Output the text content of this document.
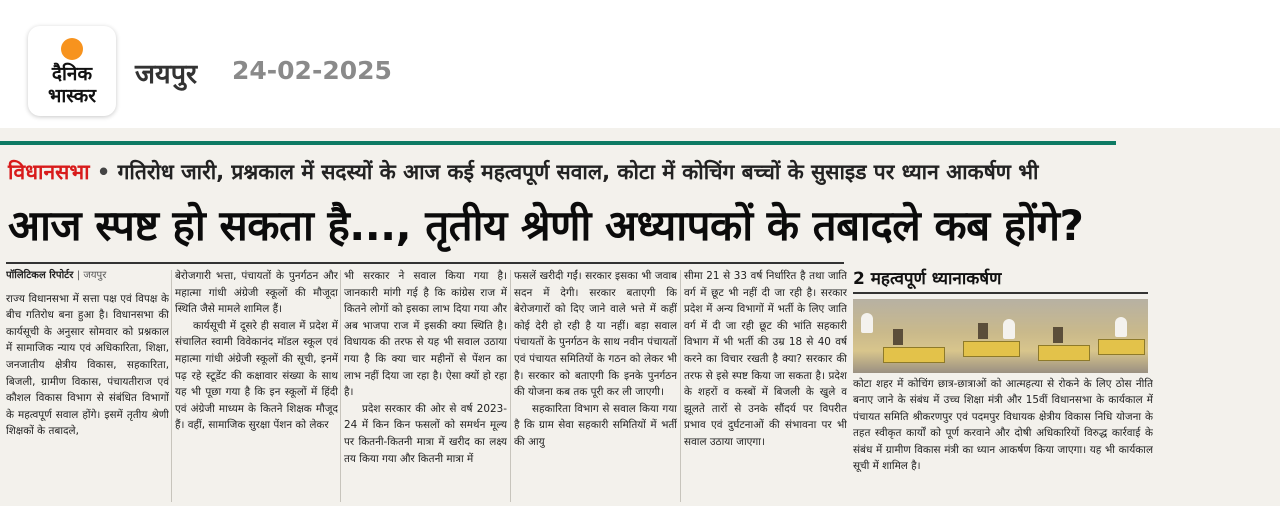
दैनिक
भास्कर
जयपुर 24-02-2025
विधानसभा • गतिरोध जारी, प्रश्नकाल में सदस्यों के आज कई महत्वपूर्ण सवाल, कोटा में कोचिंग बच्चों के सुसाइड पर ध्यान आकर्षण भी
आज स्पष्ट हो सकता है..., तृतीय श्रेणी अध्यापकों के तबादले कब होंगे?

पॉलिटिकल रिपोर्टर | जयपुर

राज्य विधानसभा में सत्ता पक्ष एवं विपक्ष के बीच गतिरोध बना हुआ है। विधानसभा की कार्यसूची के अनुसार सोमवार को प्रश्नकाल में सामाजिक न्याय एवं अधिकारिता, शिक्षा, जनजातीय क्षेत्रीय विकास, सहकारिता, बिजली, ग्रामीण विकास, पंचायतीराज एवं कौशल विकास विभाग से संबंधित विभागों के महत्वपूर्ण सवाल होंगे। इसमें तृतीय श्रेणी शिक्षकों के तबादले,

बेरोजगारी भत्ता, पंचायतों के पुनर्गठन और महात्मा गांधी अंग्रेजी स्कूलों की मौजूदा स्थिति जैसे मामले शामिल हैं।

कार्यसूची में दूसरे ही सवाल में प्रदेश में संचालित स्वामी विवेकानंद मॉडल स्कूल एवं महात्मा गांधी अंग्रेजी स्कूलों की सूची, इनमें पढ़ रहे स्टूडेंट की कक्षावार संख्या के साथ यह भी पूछा गया है कि इन स्कूलों में हिंदी एवं अंग्रेजी माध्यम के कितने शिक्षक मौजूद हैं। वहीं, सामाजिक सुरक्षा पेंशन को लेकर

भी सरकार ने सवाल किया गया है। जानकारी मांगी गई है कि कांग्रेस राज में कितने लोगों को इसका लाभ दिया गया और अब भाजपा राज में इसकी क्या स्थिति है। विधायक की तरफ से यह भी सवाल उठाया गया है कि क्या चार महीनों से पेंशन का लाभ नहीं दिया जा रहा है। ऐसा क्यों हो रहा है।

प्रदेश सरकार की ओर से वर्ष 2023-24 में किन किन फसलों को समर्थन मूल्य पर कितनी-कितनी मात्रा में खरीद का लक्ष्य तय किया गया और कितनी मात्रा में

फसलें खरीदी गईं। सरकार इसका भी जवाब सदन में देगी। सरकार बताएगी कि बेरोजगारों को दिए जाने वाले भत्ते में कहीं कोई देरी हो रही है या नहीं। बड़ा सवाल पंचायतों के पुनर्गठन के साथ नवीन पंचायतों एवं पंचायत समितियों के गठन को लेकर भी है। सरकार को बताएगी कि इनके पुनर्गठन की योजना कब तक पूरी कर ली जाएगी।

सहकारिता विभाग से सवाल किया गया है कि ग्राम सेवा सहकारी समितियों में भर्ती की आयु

सीमा 21 से 33 वर्ष निर्धारित है तथा जाति वर्ग में छूट भी नहीं दी जा रही है। सरकार प्रदेश में अन्य विभागों में भर्ती के लिए जाति वर्ग में दी जा रही छूट की भांति सहकारी विभाग में भी भर्ती की उम्र 18 से 40 वर्ष करने का विचार रखती है क्या? सरकार की तरफ से इसे स्पष्ट किया जा सकता है। प्रदेश के शहरों व कस्बों में बिजली के खुले व झूलते तारों से उनके सौंदर्य पर विपरीत प्रभाव एवं दुर्घटनाओं की संभावना पर भी सवाल उठाया जाएगा।

2 महत्वपूर्ण ध्यानाकर्षण

कोटा शहर में कोचिंग छात्र-छात्राओं को आत्महत्या से रोकने के लिए ठोस नीति बनाए जाने के संबंध में उच्च शिक्षा मंत्री और 15वीं विधानसभा के कार्यकाल में पंचायत समिति श्रीकरणपुर एवं पदमपुर विधायक क्षेत्रीय विकास निधि योजना के तहत स्वीकृत कार्यों को पूर्ण करवाने और दोषी अधिकारियों विरुद्ध कार्रवाई के संबंध में ग्रामीण विकास मंत्री का ध्यान आकर्षण किया जाएगा। यह भी कार्यकाल सूची में शामिल है।
